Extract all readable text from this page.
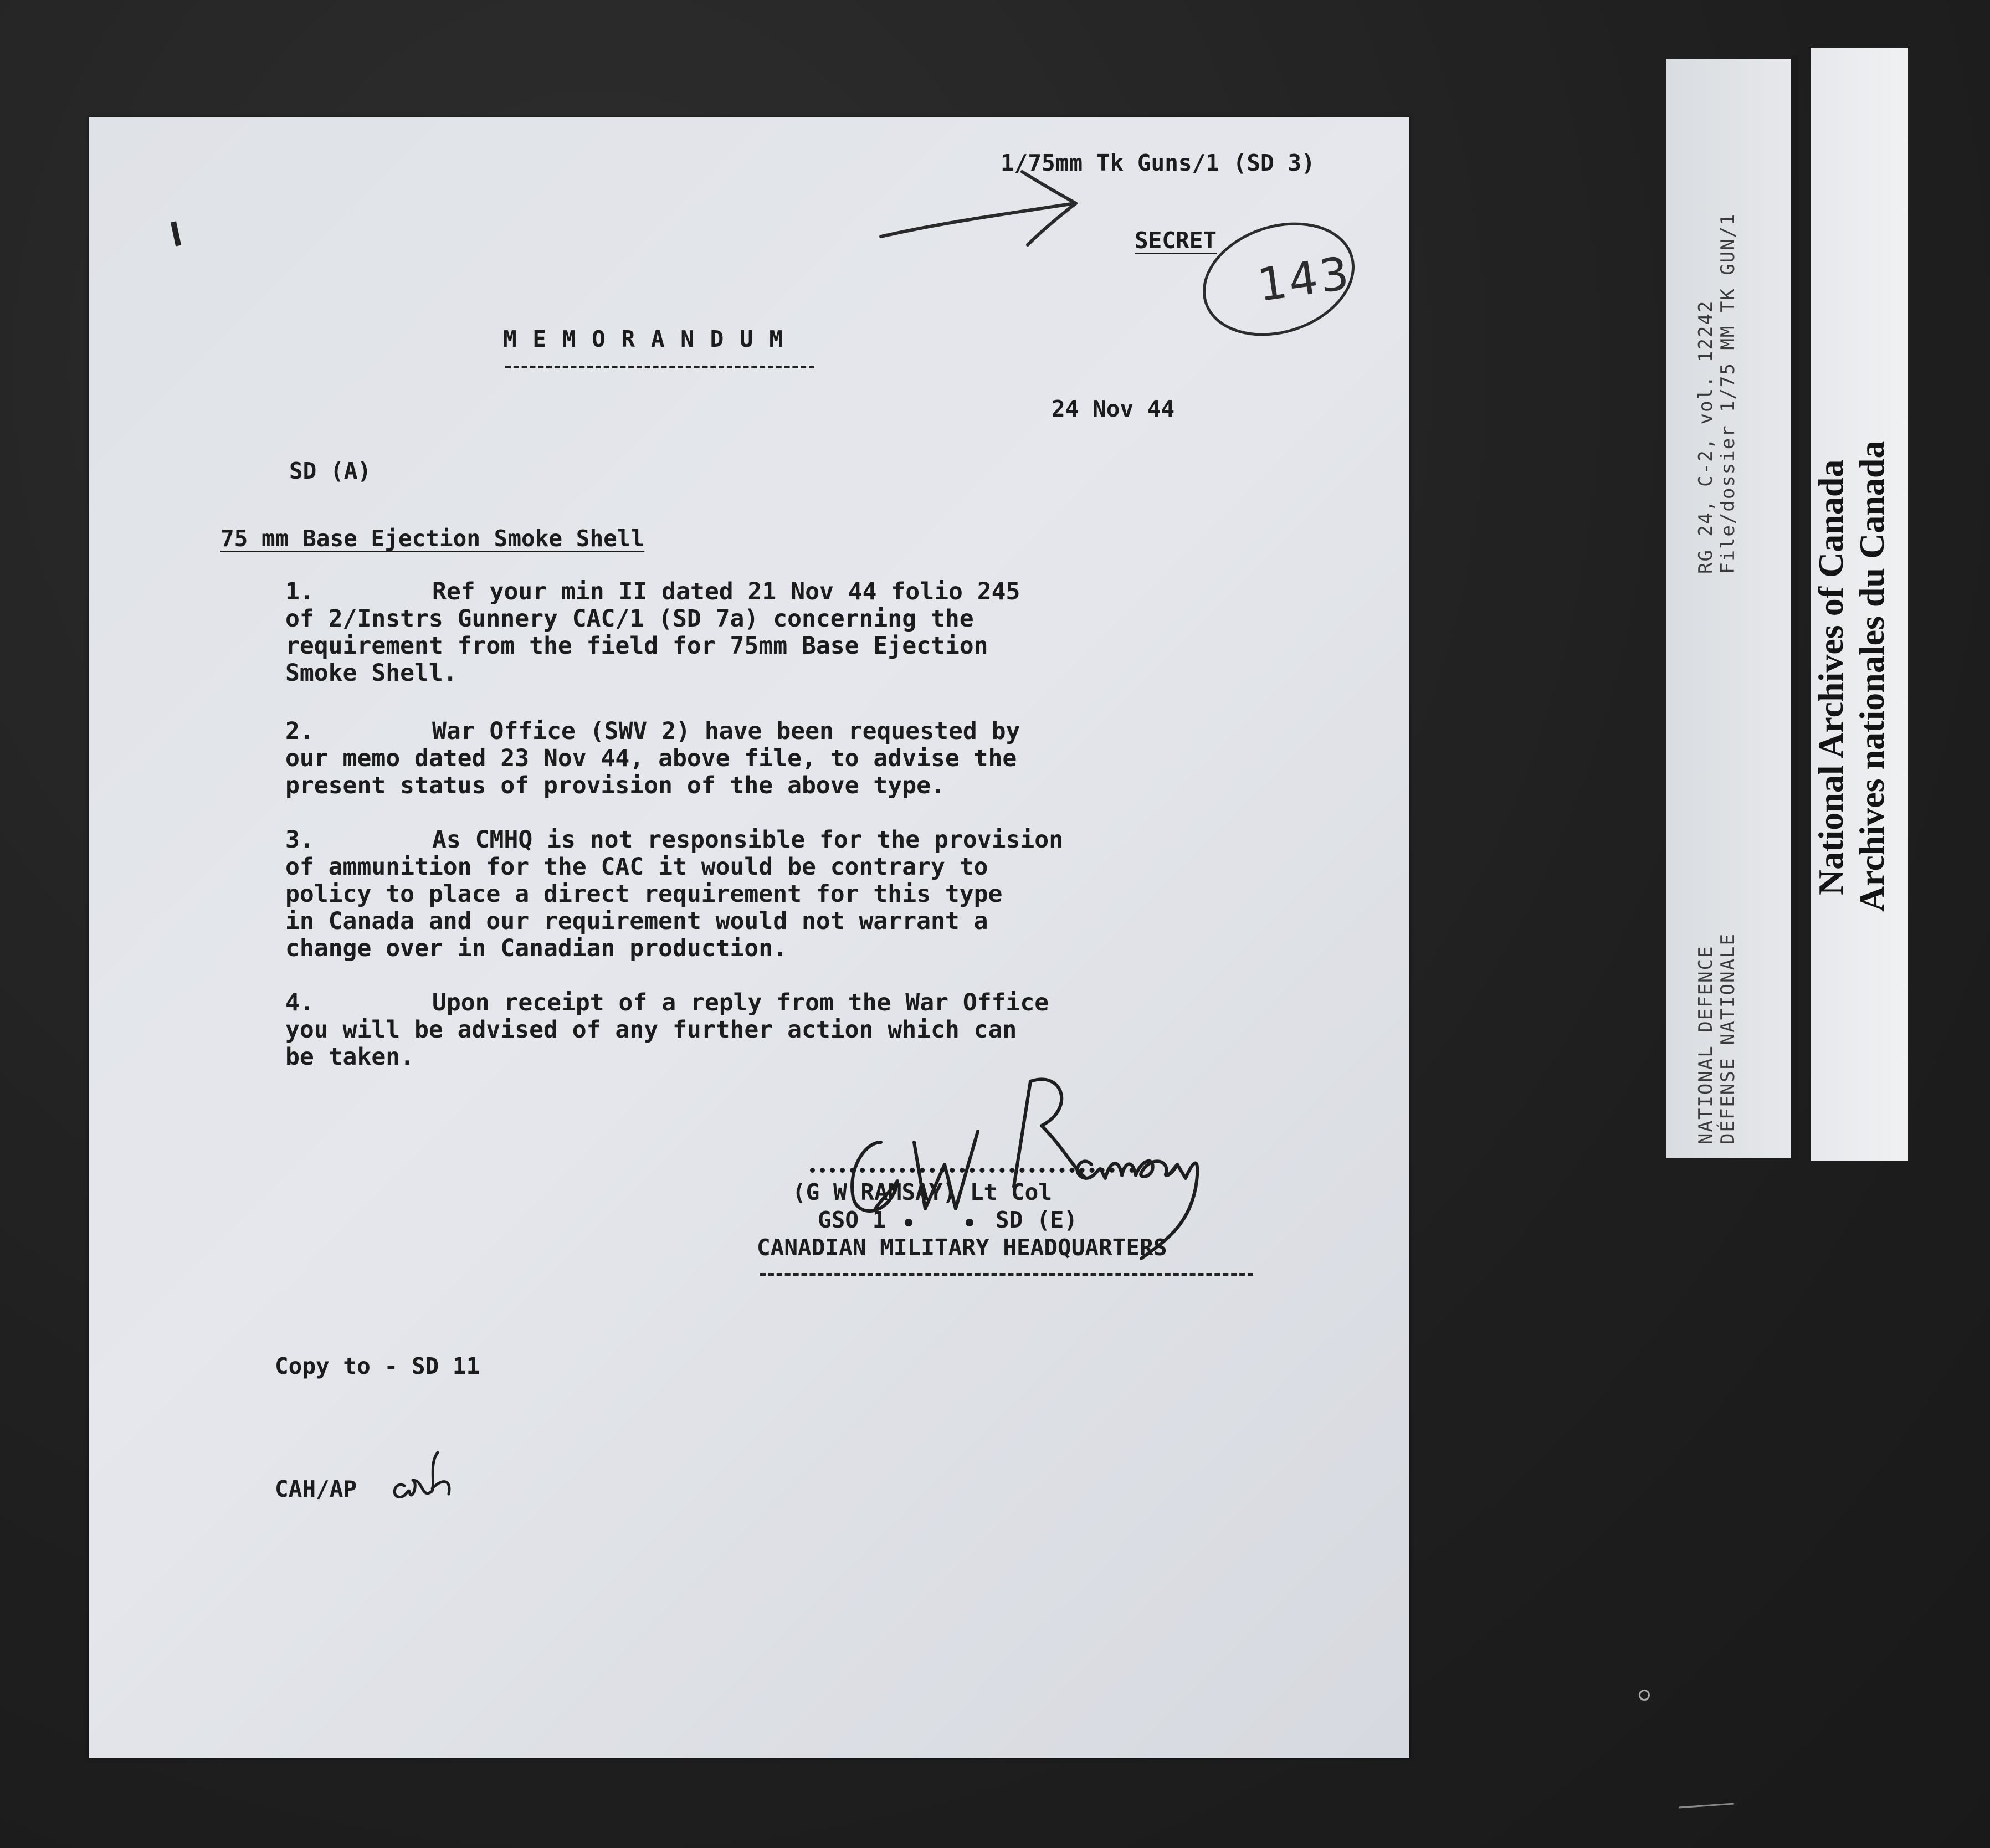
1/75mm Tk Guns/1 (SD 3)
SECRET
143
l
M E M O R A N D U M
24 Nov 44
SD (A)
75 mm Base Ejection Smoke Shell
1.	Ref your min II dated 21 Nov 44 folio 245
of 2/Instrs Gunnery CAC/1 (SD 7a) concerning the
requirement from the field for 75mm Base Ejection
Smoke Shell.
2.	War Office (SWV 2) have been requested by
our memo dated 23 Nov 44, above file, to advise the
present status of provision of the above type.
3.	As CMHQ is not responsible for the provision
of ammunition for the CAC it would be contrary to
policy to place a direct requirement for this type
in Canada and our requirement would not warrant a
change over in Canadian production.
4.	Upon receipt of a reply from the War Office
you will be advised of any further action which can
be taken.
(G W RAMSAY) Lt Col
GSO 1        SD (E)
CANADIAN MILITARY HEADQUARTERS
Copy to - SD 11
CAH/AP
NATIONAL DEFENCE DÉFENSE NATIONALE
RG 24, C-2, vol. 12242 File/dossier 1/75 MM TK GUN/1
National Archives of Canada Archives nationales du Canada
